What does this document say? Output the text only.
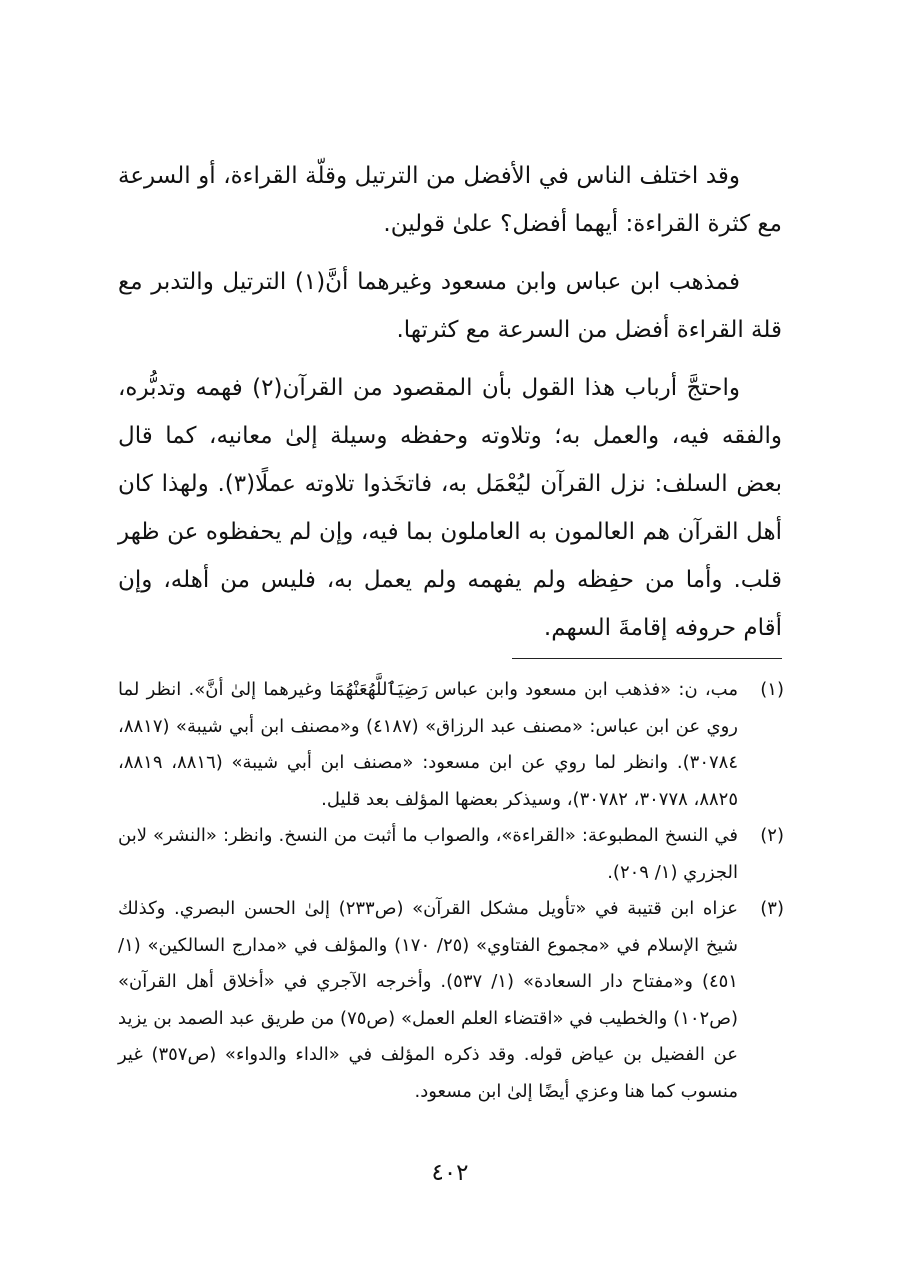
وقد اختلف الناس في الأفضل من الترتيل وقلّة القراءة، أو السرعة مع كثرة القراءة: أيهما أفضل؟ علىٰ قولين.

فمذهب ابن عباس وابن مسعود وغيرهما أنَّ(١) الترتيل والتدبر مع قلة القراءة أفضل من السرعة مع كثرتها.

واحتجَّ أرباب هذا القول بأن المقصود من القرآن(٢) فهمه وتدبُّره، والفقه فيه، والعمل به؛ وتلاوته وحفظه وسيلة إلىٰ معانيه، كما قال بعض السلف: نزل القرآن ليُعْمَل به، فاتخَذوا تلاوته عملًا(٣). ولهذا كان أهل القرآن هم العالمون به العاملون بما فيه، وإن لم يحفظوه عن ظهر قلب. وأما من حفِظه ولم يفهمه ولم يعمل به، فليس من أهله، وإن أقام حروفه إقامةَ السهم.

(١)
مب، ن: «فذهب ابن مسعود وابن عباس رَضِيَٱللَّهُعَنْهُمَا وغيرهما إلىٰ أنَّ». انظر لما روي عن ابن عباس: «مصنف عبد الرزاق» (٤١٨٧) و«مصنف ابن أبي شيبة» (٨٨١٧، ٣٠٧٨٤). وانظر لما روي عن ابن مسعود: «مصنف ابن أبي شيبة» (٨٨١٦، ٨٨١٩، ٨٨٢٥، ٣٠٧٧٨، ٣٠٧٨٢)، وسيذكر بعضها المؤلف بعد قليل.
(٢)
في النسخ المطبوعة: «القراءة»، والصواب ما أثبت من النسخ. وانظر: «النشر» لابن الجزري (١/ ٢٠٩).
(٣)
عزاه ابن قتيبة في «تأويل مشكل القرآن» (ص٢٣٣) إلىٰ الحسن البصري. وكذلك شيخ الإسلام في «مجموع الفتاوي» (٢٥/ ١٧٠) والمؤلف في «مدارج السالكين» (١/ ٤٥١) و«مفتاح دار السعادة» (١/ ٥٣٧). وأخرجه الآجري في «أخلاق أهل القرآن» (ص١٠٢) والخطيب في «اقتضاء العلم العمل» (ص٧٥) من طريق عبد الصمد بن يزيد عن الفضيل بن عياض قوله. وقد ذكره المؤلف في «الداء والدواء» (ص٣٥٧) غير منسوب كما هنا وعزي أيضًا إلىٰ ابن مسعود.
٤٠٢
